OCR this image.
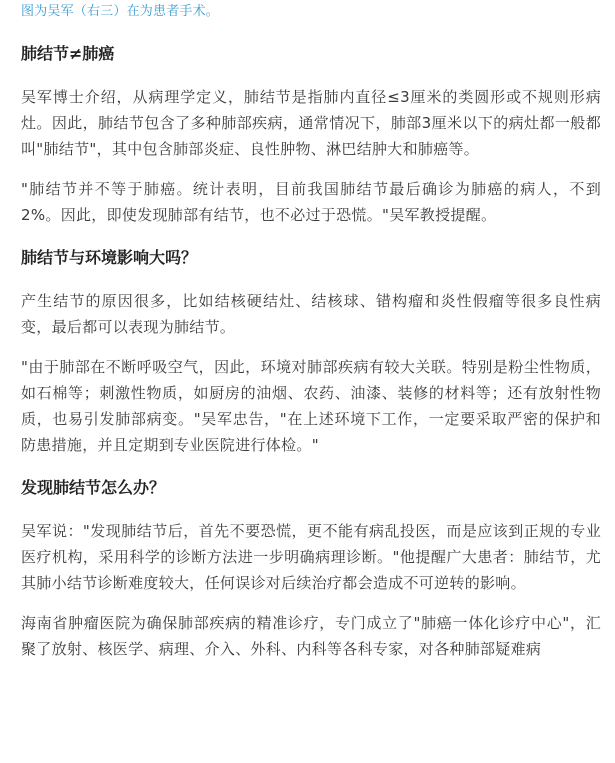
图为吴军（右三）在为患者手术。

肺结节≠肺癌

吴军博士介绍，从病理学定义，肺结节是指肺内直径≤3厘米的类圆形或不规则形病灶。因此，肺结节包含了多种肺部疾病，通常情况下，肺部3厘米以下的病灶都一般都叫"肺结节"，其中包含肺部炎症、良性肿物、淋巴结肿大和肺癌等。

"肺结节并不等于肺癌。统计表明，目前我国肺结节最后确诊为肺癌的病人，不到2%。因此，即使发现肺部有结节，也不必过于恐慌。"吴军教授提醒。

肺结节与环境影响大吗？

产生结节的原因很多，比如结核硬结灶、结核球、错构瘤和炎性假瘤等很多良性病变，最后都可以表现为肺结节。

"由于肺部在不断呼吸空气，因此，环境对肺部疾病有较大关联。特别是粉尘性物质，如石棉等；刺激性物质，如厨房的油烟、农药、油漆、装修的材料等；还有放射性物质，也易引发肺部病变。"吴军忠告，"在上述环境下工作，一定要采取严密的保护和防患措施，并且定期到专业医院进行体检。"

发现肺结节怎么办？

吴军说："发现肺结节后，首先不要恐慌，更不能有病乱投医，而是应该到正规的专业医疗机构，采用科学的诊断方法进一步明确病理诊断。"他提醒广大患者：肺结节，尤其肺小结节诊断难度较大，任何误诊对后续治疗都会造成不可逆转的影响。

海南省肿瘤医院为确保肺部疾病的精准诊疗，专门成立了"肺癌一体化诊疗中心"，汇聚了放射、核医学、病理、介入、外科、内科等各科专家，对各种肺部疑难病
